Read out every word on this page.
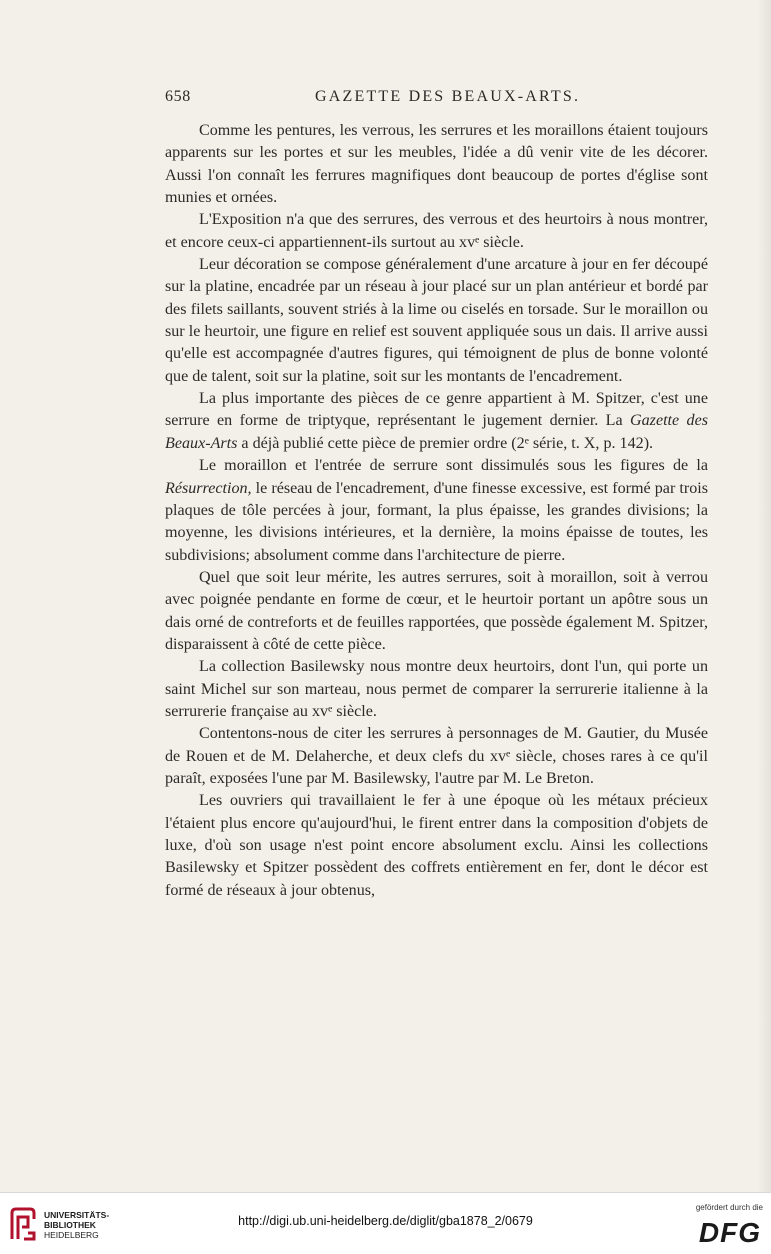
658	GAZETTE DES BEAUX-ARTS.

Comme les pentures, les verrous, les serrures et les moraillons étaient toujours apparents sur les portes et sur les meubles, l'idée a dû venir vite de les décorer. Aussi l'on connaît les ferrures magnifiques dont beaucoup de portes d'église sont munies et ornées.

L'Exposition n'a que des serrures, des verrous et des heurtoirs à nous montrer, et encore ceux-ci appartiennent-ils surtout au xvᵉ siècle.

Leur décoration se compose généralement d'une arcature à jour en fer découpé sur la platine, encadrée par un réseau à jour placé sur un plan antérieur et bordé par des filets saillants, souvent striés à la lime ou ciselés en torsade. Sur le moraillon ou sur le heurtoir, une figure en relief est souvent appliquée sous un dais. Il arrive aussi qu'elle est accompagnée d'autres figures, qui témoignent de plus de bonne volonté que de talent, soit sur la platine, soit sur les montants de l'encadrement.

La plus importante des pièces de ce genre appartient à M. Spitzer, c'est une serrure en forme de triptyque, représentant le jugement dernier. La Gazette des Beaux-Arts a déjà publié cette pièce de premier ordre (2ᵉ série, t. X, p. 142).

Le moraillon et l'entrée de serrure sont dissimulés sous les figures de la Résurrection, le réseau de l'encadrement, d'une finesse excessive, est formé par trois plaques de tôle percées à jour, formant, la plus épaisse, les grandes divisions; la moyenne, les divisions intérieures, et la dernière, la moins épaisse de toutes, les subdivisions; absolument comme dans l'architecture de pierre.

Quel que soit leur mérite, les autres serrures, soit à moraillon, soit à verrou avec poignée pendante en forme de cœur, et le heurtoir portant un apôtre sous un dais orné de contreforts et de feuilles rapportées, que possède également M. Spitzer, disparaissent à côté de cette pièce.

La collection Basilewsky nous montre deux heurtoirs, dont l'un, qui porte un saint Michel sur son marteau, nous permet de comparer la serrurerie italienne à la serrurerie française au xvᵉ siècle.

Contentons-nous de citer les serrures à personnages de M. Gautier, du Musée de Rouen et de M. Delaherche, et deux clefs du xvᵉ siècle, choses rares à ce qu'il paraît, exposées l'une par M. Basilewsky, l'autre par M. Le Breton.

Les ouvriers qui travaillaient le fer à une époque où les métaux précieux l'étaient plus encore qu'aujourd'hui, le firent entrer dans la composition d'objets de luxe, d'où son usage n'est point encore absolument exclu. Ainsi les collections Basilewsky et Spitzer possèdent des coffrets entièrement en fer, dont le décor est formé de réseaux à jour obtenus,

UNIVERSITÄTS-
BIBLIOTHEK
HEIDELBERG
http://digi.ub.uni-heidelberg.de/diglit/gba1878_2/0679
gefördert durch die
DFG
